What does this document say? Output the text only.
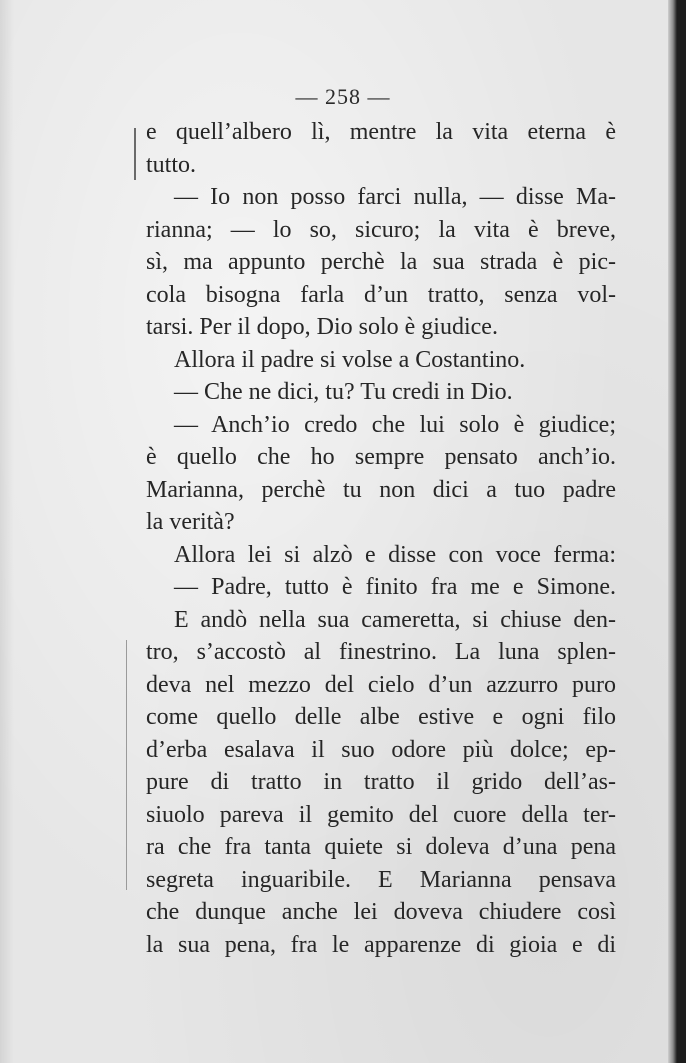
— 258 —
e quell’albero lì, mentre la vita eterna è
tutto.
— Io non posso farci nulla, — disse Ma-
rianna; — lo so, sicuro; la vita è breve,
sì, ma appunto perchè la sua strada è pic-
cola bisogna farla d’un tratto, senza vol-
tarsi. Per il dopo, Dio solo è giudice.
Allora il padre si volse a Costantino.
— Che ne dici, tu? Tu credi in Dio.
— Anch’io credo che lui solo è giudice;
è quello che ho sempre pensato anch’io.
Marianna, perchè tu non dici a tuo padre
la verità?
Allora lei si alzò e disse con voce ferma:
— Padre, tutto è finito fra me e Simone.
E andò nella sua cameretta, si chiuse den-
tro, s’accostò al finestrino. La luna splen-
deva nel mezzo del cielo d’un azzurro puro
come quello delle albe estive e ogni filo
d’erba esalava il suo odore più dolce; ep-
pure di tratto in tratto il grido dell’as-
siuolo pareva il gemito del cuore della ter-
ra che fra tanta quiete si doleva d’una pena
segreta inguaribile. E Marianna pensava
che dunque anche lei doveva chiudere così
la sua pena, fra le apparenze di gioia e di
